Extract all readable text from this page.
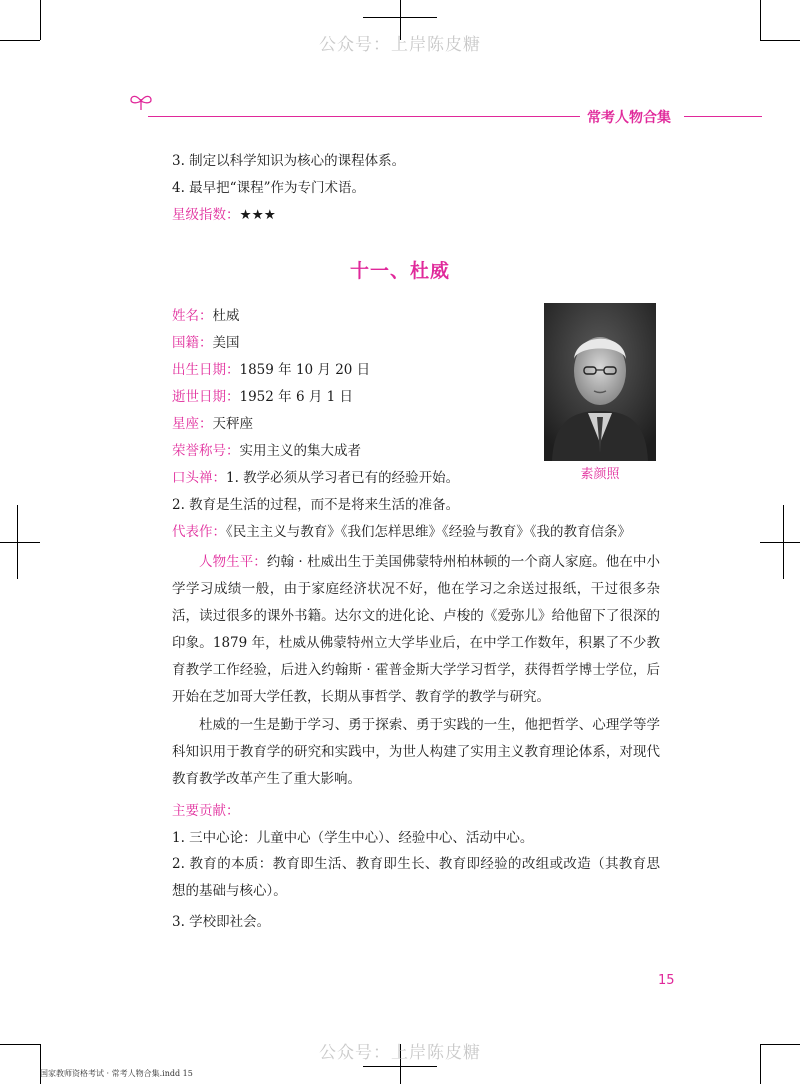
公众号：上岸陈皮糖
公众号：上岸陈皮糖
常考人物合集
3. 制定以科学知识为核心的课程体系。
4. 最早把“课程”作为专门术语。
星级指数：★★★
十一、杜威
姓名：杜威
国籍：美国
出生日期：1859 年 10 月 20 日
逝世日期：1952 年 6 月 1 日
星座：天秤座
荣誉称号：实用主义的集大成者
口头禅：1. 教学必须从学习者已有的经验开始。
2. 教育是生活的过程，而不是将来生活的准备。
代表作：《民主主义与教育》《我们怎样思维》《经验与教育》《我的教育信条》
素颜照
人物生平：约翰 · 杜威出生于美国佛蒙特州柏林顿的一个商人家庭。他在中小学学习成绩一般，由于家庭经济状况不好，他在学习之余送过报纸，干过很多杂活，读过很多的课外书籍。达尔文的进化论、卢梭的《爱弥儿》给他留下了很深的印象。1879 年，杜威从佛蒙特州立大学毕业后，在中学工作数年，积累了不少教育教学工作经验，后进入约翰斯 · 霍普金斯大学学习哲学，获得哲学博士学位，后开始在芝加哥大学任教，长期从事哲学、教育学的教学与研究。
杜威的一生是勤于学习、勇于探索、勇于实践的一生，他把哲学、心理学等学科知识用于教育学的研究和实践中，为世人构建了实用主义教育理论体系，对现代教育教学改革产生了重大影响。
主要贡献：
1. 三中心论：儿童中心（学生中心）、经验中心、活动中心。
2. 教育的本质：教育即生活、教育即生长、教育即经验的改组或改造（其教育思想的基础与核心）。
3. 学校即社会。
15
国家教师资格考试 · 常考人物合集.indd 15
